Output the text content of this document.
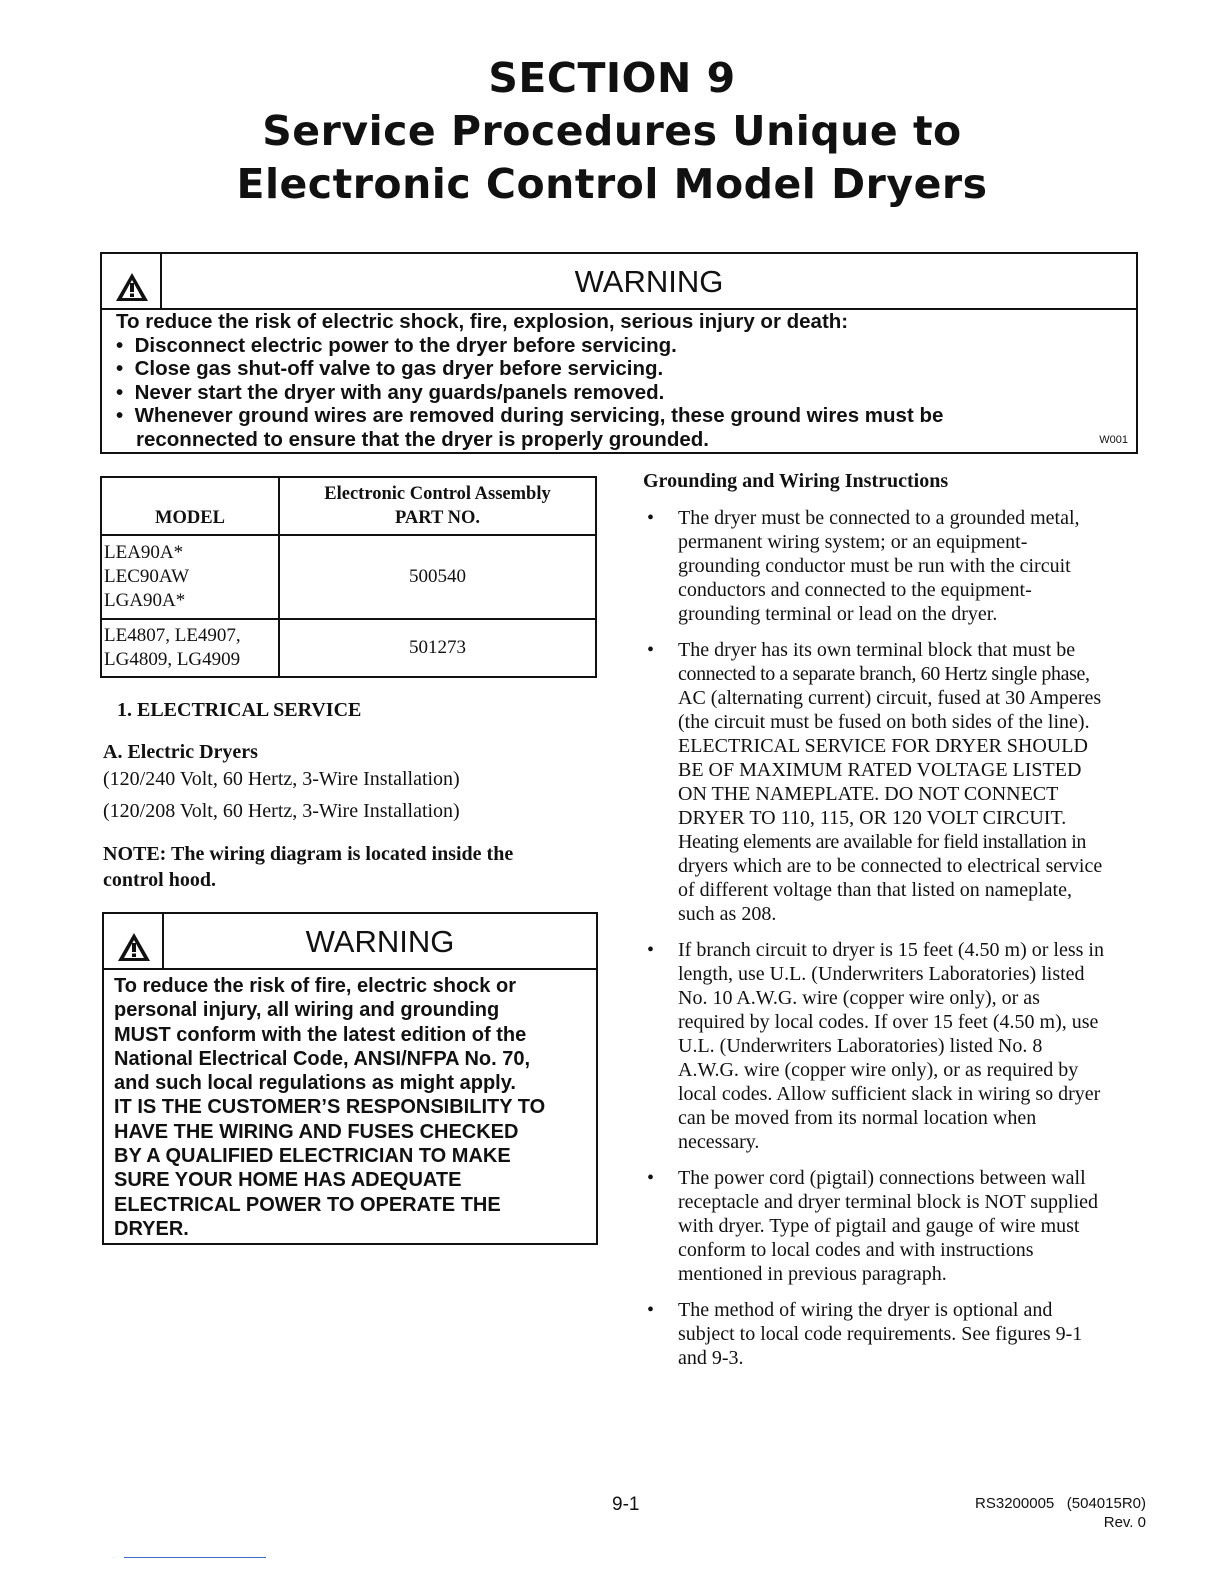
SECTION 9
Service Procedures Unique to
Electronic Control Model Dryers
WARNING
To reduce the risk of electric shock, fire, explosion, serious injury or death:
•  Disconnect electric power to the dryer before servicing.
•  Close gas shut-off valve to gas dryer before servicing.
•  Never start the dryer with any guards/panels removed.
•  Whenever ground wires are removed during servicing, these ground wires must be
reconnected to ensure that the dryer is properly grounded.	W001
MODEL	Electronic Control Assembly
PART NO.

LEA90A*
LEC90AW
LGA90A*	500540

LE4807, LE4907,
LG4809, LG4909	501273
1. ELECTRICAL SERVICE
A. Electric Dryers
(120/240 Volt, 60 Hertz, 3-Wire Installation)
(120/208 Volt, 60 Hertz, 3-Wire Installation)
NOTE: The wiring diagram is located inside the
control hood.
WARNING
To reduce the risk of fire, electric shock or
personal injury, all wiring and grounding
MUST conform with the latest edition of the
National Electrical Code, ANSI/NFPA No. 70,
and such local regulations as might apply.
IT IS THE CUSTOMER’S RESPONSIBILITY TO
HAVE THE WIRING AND FUSES CHECKED
BY A QUALIFIED ELECTRICIAN TO MAKE
SURE YOUR HOME HAS ADEQUATE
ELECTRICAL POWER TO OPERATE THE
DRYER.
Grounding and Wiring Instructions
• The dryer must be connected to a grounded metal,
permanent wiring system; or an equipment-
grounding conductor must be run with the circuit
conductors and connected to the equipment-
grounding terminal or lead on the dryer.
• The dryer has its own terminal block that must be
connected to a separate branch, 60 Hertz single phase,
AC (alternating current) circuit, fused at 30 Amperes
(the circuit must be fused on both sides of the line).
ELECTRICAL SERVICE FOR DRYER SHOULD
BE OF MAXIMUM RATED VOLTAGE LISTED
ON THE NAMEPLATE. DO NOT CONNECT
DRYER TO 110, 115, OR 120 VOLT CIRCUIT.
Heating elements are available for field installation in
dryers which are to be connected to electrical service
of different voltage than that listed on nameplate,
such as 208.
• If branch circuit to dryer is 15 feet (4.50 m) or less in
length, use U.L. (Underwriters Laboratories) listed
No. 10 A.W.G. wire (copper wire only), or as
required by local codes. If over 15 feet (4.50 m), use
U.L. (Underwriters Laboratories) listed No. 8
A.W.G. wire (copper wire only), or as required by
local codes. Allow sufficient slack in wiring so dryer
can be moved from its normal location when
necessary.
• The power cord (pigtail) connections between wall
receptacle and dryer terminal block is NOT supplied
with dryer. Type of pigtail and gauge of wire must
conform to local codes and with instructions
mentioned in previous paragraph.
• The method of wiring the dryer is optional and
subject to local code requirements. See figures 9-1
and 9-3.
9-1	RS3200005   (504015R0)
Rev. 0
